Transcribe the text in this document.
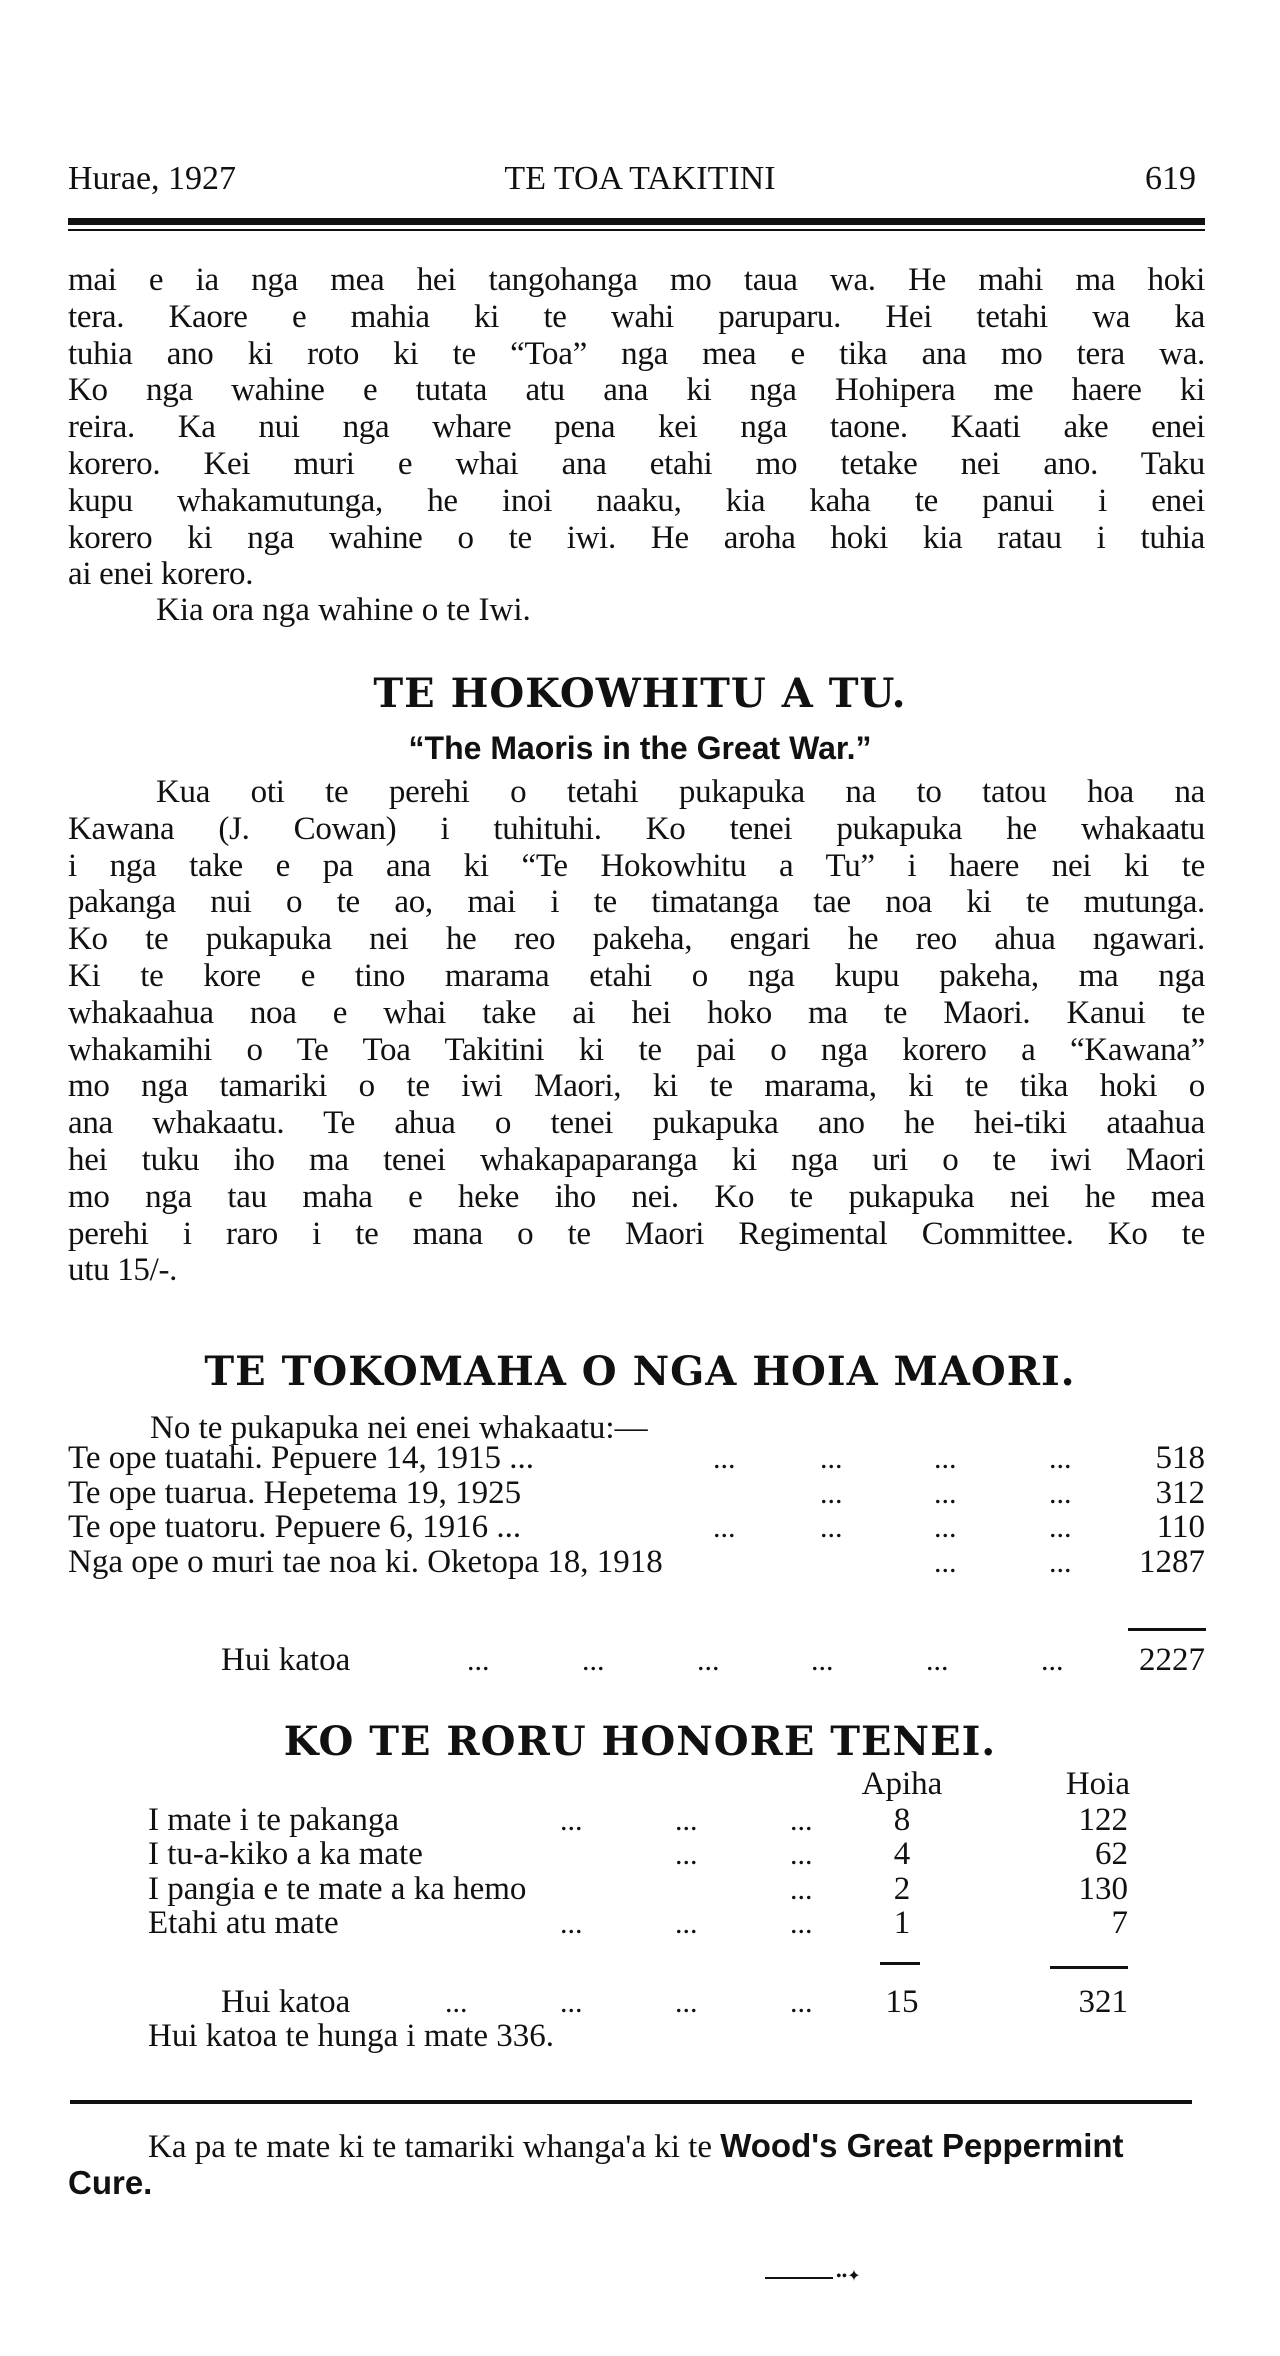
Hurae, 1927	TE TOA TAKITINI	619
mai e ia nga mea hei tangohanga mo taua wa. He mahi ma hoki
tera. Kaore e mahia ki te wahi paruparu. Hei tetahi wa ka
tuhia ano ki roto ki te “Toa” nga mea e tika ana mo tera wa.
Ko nga wahine e tutata atu ana ki nga Hohipera me haere ki
reira. Ka nui nga whare pena kei nga taone. Kaati ake enei
korero. Kei muri e whai ana etahi mo tetake nei ano. Taku
kupu whakamutunga, he inoi naaku, kia kaha te panui i enei
korero ki nga wahine o te iwi. He aroha hoki kia ratau i tuhia
ai enei korero.
Kia ora nga wahine o te Iwi.
TE HOKOWHITU A TU.
“The Maoris in the Great War.”
Kua oti te perehi o tetahi pukapuka na to tatou hoa na
Kawana (J. Cowan) i tuhituhi. Ko tenei pukapuka he whakaatu
i nga take e pa ana ki “Te Hokowhitu a Tu” i haere nei ki te
pakanga nui o te ao, mai i te timatanga tae noa ki te mutunga.
Ko te pukapuka nei he reo pakeha, engari he reo ahua ngawari.
Ki te kore e tino marama etahi o nga kupu pakeha, ma nga
whakaahua noa e whai take ai hei hoko ma te Maori. Kanui te
whakamihi o Te Toa Takitini ki te pai o nga korero a “Kawana”
mo nga tamariki o te iwi Maori, ki te marama, ki te tika hoki o
ana whakaatu. Te ahua o tenei pukapuka ano he hei-tiki ataahua
hei tuku iho ma tenei whakapaparanga ki nga uri o te iwi Maori
mo nga tau maha e heke iho nei. Ko te pukapuka nei he mea
perehi i raro i te mana o te Maori Regimental Committee. Ko te
utu 15/-.
TE TOKOMAHA O NGA HOIA MAORI.
No te pukapuka nei enei whakaatu:—
Te ope tuatahi. Pepuere 14, 1915 ...	...	...	...	...	518
Te ope tuarua. Hepetema 19, 1925	...	...	...	312
Te ope tuatoru. Pepuere 6, 1916 ...	...	...	...	...	110
Nga ope o muri tae noa ki. Oketopa 18, 1918	...	...	1287
Hui katoa	...	...	...	...	...	...	2227
KO TE RORU HONORE TENEI.
Apiha	Hoia
I mate i te pakanga	...	...	...	8	122
I tu-a-kiko a ka mate	...	...	4	62
I pangia e te mate a ka hemo	...	2	130
Etahi atu mate	...	...	...	1	7
Hui katoa	...	...	...	...	15	321
Hui katoa te hunga i mate 336.
Ka pa te mate ki te tamariki whanga'a ki te Wood's Great Peppermint Cure.
••✦
